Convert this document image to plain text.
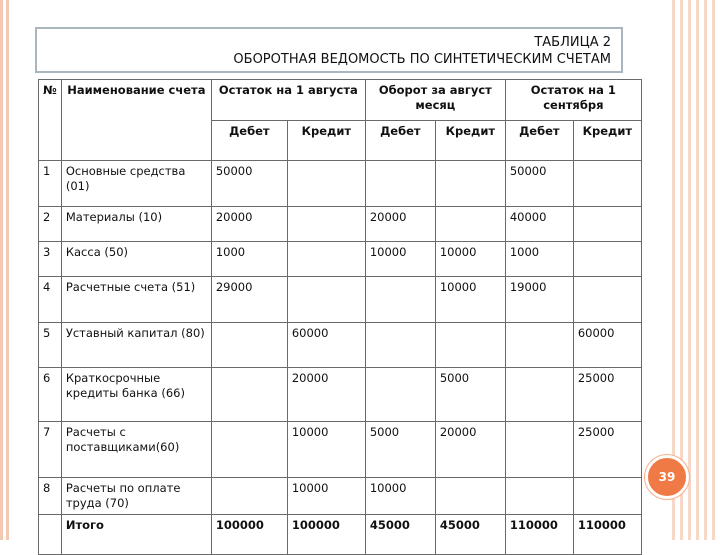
ТАБЛИЦА 2
ОБОРОТНАЯ ВЕДОМОСТЬ ПО СИНТЕТИЧЕСКИМ СЧЕТАМ
№	Наименование счета	Остаток на 1 августа		Оборот за август месяц		Остаток на 1 сентября	
		Дебет	Кредит	Дебет	Кредит	Дебет	Кредит
1	Основные средства (01)	50000				50000	
2	Материалы (10)	20000		20000		40000	
3	Касса (50)	1000		10000	10000	1000	
4	Расчетные счета (51)	29000			10000	19000	
5	Уставный капитал (80)		60000				60000
6	Краткосрочные кредиты банка (66)		20000		5000		25000
7	Расчеты с поставщиками(60)		10000	5000	20000		25000
8	Расчеты по оплате труда (70)		10000	10000			
	Итого	100000	100000	45000	45000	110000	110000
39
